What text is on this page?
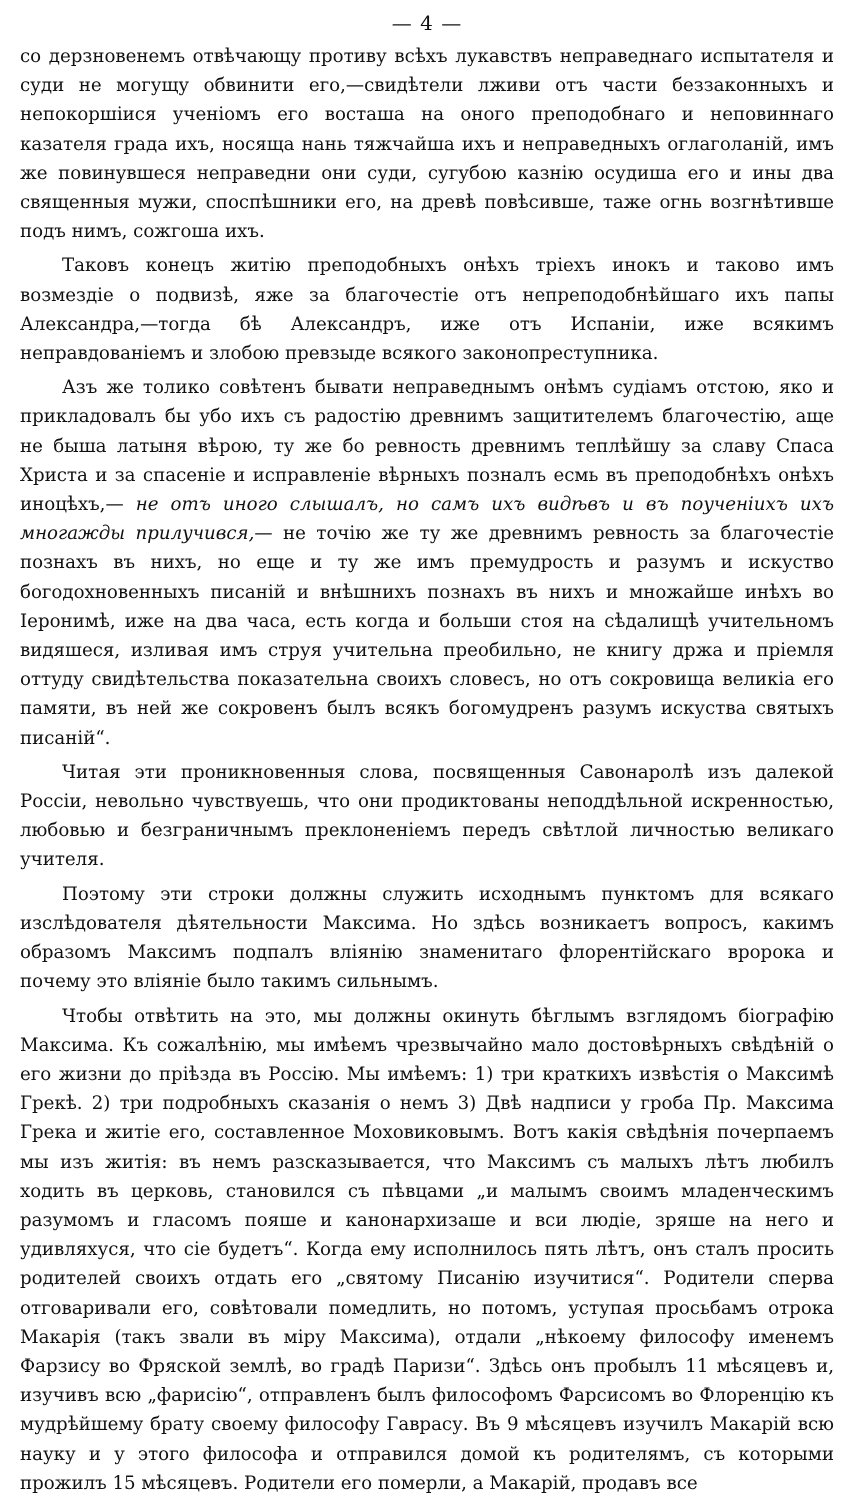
— 4 —

со дерзновенемъ отвѣчающу противу всѣхъ лукавствъ неправеднаго испытателя и суди не могущу обвинити его,—свидѣтели лживи отъ части беззаконныхъ и непокоршiися ученiомъ его восташа на оного преподобнаго и неповиннаго казателя града ихъ, носяща нань тяжчайша ихъ и неправедныхъ оглаголанiй, имъ же повинувшеся неправедни они суди, сугубою казнiю осудиша его и ины два священныя мужи, споспѣшники его, на древѣ повѣсивше, таже огнь возгнѣтивше подъ нимъ, сожгоша ихъ.

Таковъ конецъ житiю преподобныхъ онѣхъ трiехъ инокъ и таково имъ возмездiе о подвизѣ, яже за благочестiе отъ непреподобнѣйшаго ихъ папы Александра,—тогда бѣ Александръ, иже отъ Испанiи, иже всякимъ неправдованiемъ и злобою превзыде всякого законопреступника.

Азъ же толико совѣтенъ бывати неправеднымъ онѣмъ судiамъ отстою, яко и прикладовалъ бы убо ихъ съ радостiю древнимъ защитителемъ благочестiю, аще не быша латыня вѣрою, ту же бо ревность древнимъ теплѣйшу за славу Спаса Христа и за спасенiе и исправленiе вѣрныхъ позналъ есмь въ преподобнѣхъ онѣхъ иноцѣхъ,— не отъ иного слышалъ, но самъ ихъ видѣвъ и въ поученiихъ ихъ многажды прилучився,— не точiю же ту же древнимъ ревность за благочестiе познахъ въ нихъ, но еще и ту же имъ премудрость и разумъ и искуство богодохновенныхъ писанiй и внѣшнихъ познахъ въ нихъ и множайше инѣхъ во Iеронимѣ, иже на два часа, есть когда и больши стоя на сѣдалищѣ учительномъ видяшеся, изливая имъ струя учительна преобильно, не книгу држа и прiемля оттуду свидѣтельства показательна своихъ словесъ, но отъ сокровища великiа его памяти, въ ней же сокровенъ былъ всякъ богомудренъ разумъ искуства святыхъ писанiй“.

Читая эти проникновенныя слова, посвященныя Савонаролѣ изъ далекой Россiи, невольно чувствуешь, что они продиктованы неподдѣльной искренностью, любовью и безграничнымъ преклоненiемъ передъ свѣтлой личностью великаго учителя.

Поэтому эти строки должны служить исходнымъ пунктомъ для всякаго изслѣдователя дѣятельности Максима. Но здѣсь возникаетъ вопросъ, какимъ образомъ Максимъ подпалъ влiянiю знаменитаго флорентiйскаго вророка и почему это влiянiе было такимъ сильнымъ.

Чтобы отвѣтить на это, мы должны окинуть бѣглымъ взглядомъ бiографiю Максима. Къ сожалѣнiю, мы имѣемъ чрезвычайно мало достовѣрныхъ свѣдѣнiй о его жизни до прiѣзда въ Россiю. Мы имѣемъ: 1) три краткихъ извѣстiя о Максимѣ Грекѣ. 2) три подробныхъ сказанiя о немъ 3) Двѣ надписи у гроба Пр. Максима Грека и житiе его, составленное Моховиковымъ. Вотъ какiя свѣдѣнiя почерпаемъ мы изъ житiя: въ немъ разсказывается, что Максимъ съ малыхъ лѣтъ любилъ ходить въ церковь, становился съ пѣвцами „и малымъ своимъ младенческимъ разумомъ и гласомъ пояше и канонархизаше и вси людiе, зряше на него и удивляхуся, что сiе будетъ“. Когда ему исполнилось пять лѣтъ, онъ сталъ просить родителей своихъ отдать его „святому Писанiю изучитися“. Родители сперва отговаривали его, совѣтовали помедлить, но потомъ, уступая просьбамъ отрока Макарiя (такъ звали въ мiру Максима), отдали „нѣкоему философу именемъ Фарзису во Фряской землѣ, во градѣ Паризи“. Здѣсь онъ пробылъ 11 мѣсяцевъ и, изучивъ всю „фарисiю“, отправленъ былъ философомъ Фарсисомъ во Флоренцiю къ мудрѣйшему брату своему философу Гаврасу. Въ 9 мѣсяцевъ изучилъ Макарiй всю науку и у этого философа и отправился домой къ родителямъ, съ которыми прожилъ 15 мѣсяцевъ. Родители его померли, а Макарiй, продавъ все
